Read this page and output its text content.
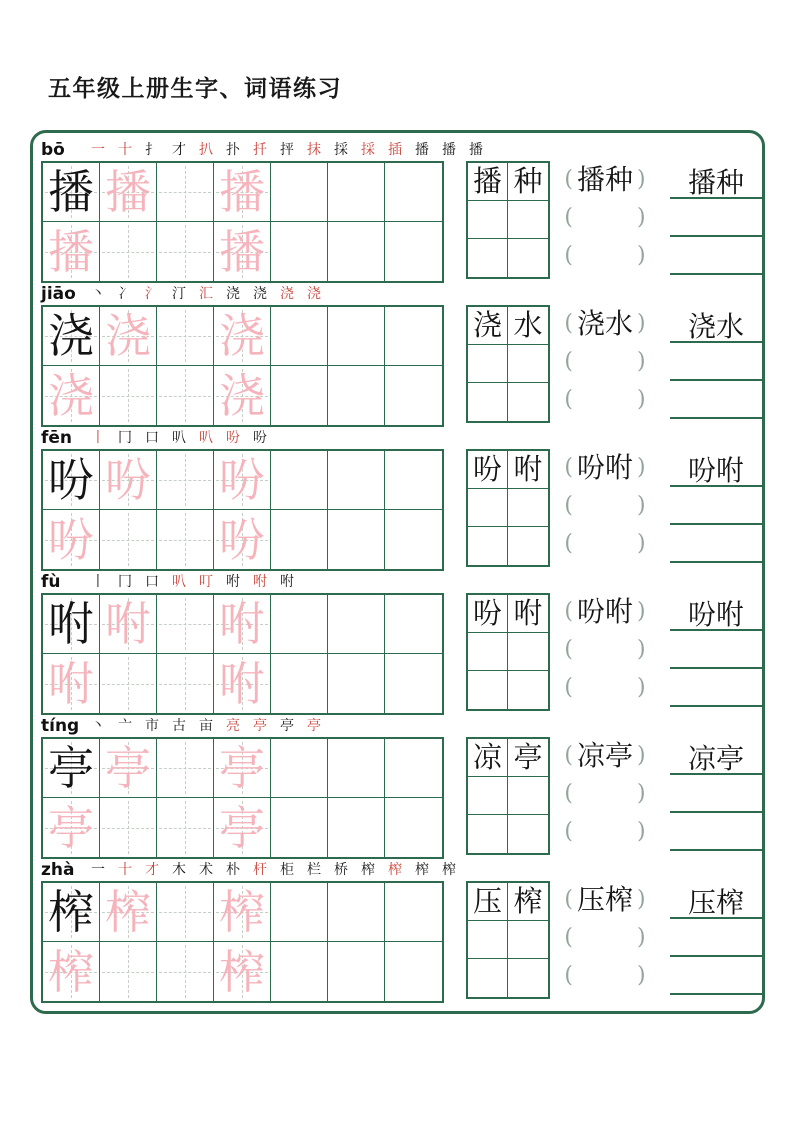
五年级上册生字、词语练习
bō	一 十 扌 才 扒 扑 扦 抨 抹 採 採 插 播 播 播
播 播 播
播	播
播 种 ( 播种 )
(	)
(	)
播种
jiāo	丶 冫 氵 汀 汇 浇 浇 浇 浇
浇 浇 浇
浇	浇
浇 水 ( 浇水 )
(	)
(	)
浇水
fēn	丨 冂 口 叭 叭 吩 吩
吩 吩 吩
吩	吩
吩 咐 ( 吩咐 )
(	)
(	)
吩咐
fù	丨 冂 口 叭 叮 咐 咐 咐
咐 咐 咐
咐	咐
吩 咐 ( 吩咐 )
(	)
(	)
吩咐
tíng 丶 亠 市 古 亩 亮 亭 亭 亭
亭 亭 亭
亭	亭
凉 亭 ( 凉亭 )
(	)
(	)
凉亭
zhà	一 十 才 木 术 朴 杆 柜 栏 桥 榨 榨 榨 榨
榨 榨 榨
榨	榨
压 榨 ( 压榨 )
(	)
(	)
压榨
